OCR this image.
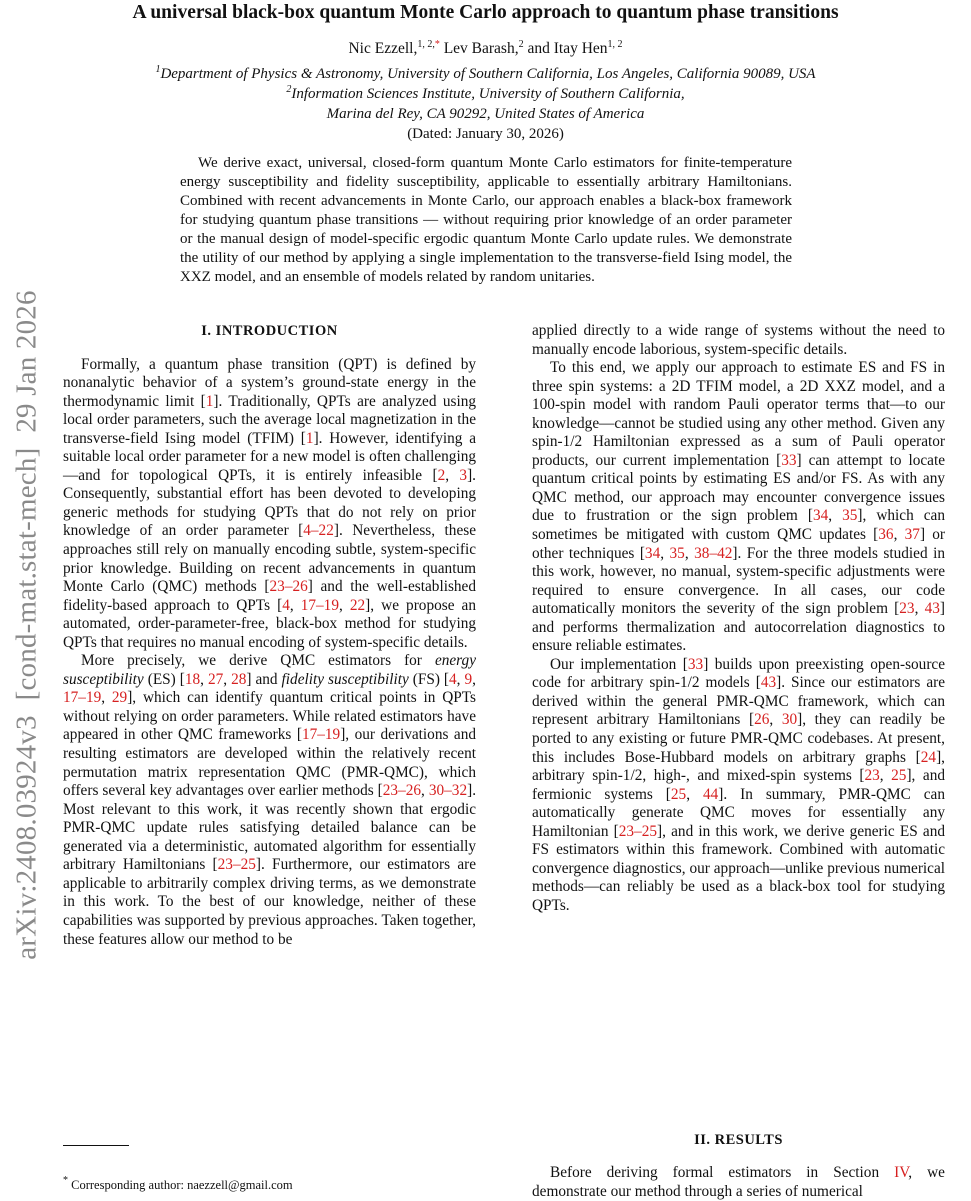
arXiv:2408.03924v3  [cond-mat.stat-mech]  29 Jan 2026
A universal black-box quantum Monte Carlo approach to quantum phase transitions
Nic Ezzell,$^{1, 2,*}$ Lev Barash,$^2$ and Itay Hen$^{1, 2}$
$^1$Department of Physics & Astronomy, University of Southern California, Los Angeles, California 90089, USA
$^2$Information Sciences Institute, University of Southern California,
Marina del Rey, CA 90292, United States of America
(Dated: January 30, 2026)
We derive exact, universal, closed-form quantum Monte Carlo estimators for finite-temperature energy susceptibility and fidelity susceptibility, applicable to essentially arbitrary Hamiltonians. Combined with recent advancements in Monte Carlo, our approach enables a black-box framework for studying quantum phase transitions — without requiring prior knowledge of an order parameter or the manual design of model-specific ergodic quantum Monte Carlo update rules. We demonstrate the utility of our method by applying a single implementation to the transverse-field Ising model, the XXZ model, and an ensemble of models related by random unitaries.
I. INTRODUCTION

Formally, a quantum phase transition (QPT) is defined by nonanalytic behavior of a system’s ground-state energy in the thermodynamic limit [1]. Traditionally, QPTs are analyzed using local order parameters, such the average local magnetization in the transverse-field Ising model (TFIM) [1]. However, identifying a suitable local order parameter for a new model is often challenging—and for topological QPTs, it is entirely infeasible [2, 3]. Consequently, substantial effort has been devoted to developing generic methods for studying QPTs that do not rely on prior knowledge of an order parameter [4–22]. Nevertheless, these approaches still rely on manually encoding subtle, system-specific prior knowledge. Building on recent advancements in quantum Monte Carlo (QMC) methods [23–26] and the well-established fidelity-based approach to QPTs [4, 17–19, 22], we propose an automated, order-parameter-free, black-box method for studying QPTs that requires no manual encoding of system-specific details.

More precisely, we derive QMC estimators for energy susceptibility (ES) [18, 27, 28] and fidelity susceptibility (FS) [4, 9, 17–19, 29], which can identify quantum critical points in QPTs without relying on order parameters. While related estimators have appeared in other QMC frameworks [17–19], our derivations and resulting estimators are developed within the relatively recent permutation matrix representation QMC (PMR-QMC), which offers several key advantages over earlier methods [23–26, 30–32]. Most relevant to this work, it was recently shown that ergodic PMR-QMC update rules satisfying detailed balance can be generated via a deterministic, automated algorithm for essentially arbitrary Hamiltonians [23–25]. Furthermore, our estimators are applicable to arbitrarily complex driving terms, as we demonstrate in this work. To the best of our knowledge, neither of these capabilities was supported by previous approaches. Taken together, these features allow our method to be

applied directly to a wide range of systems without the need to manually encode laborious, system-specific details.

To this end, we apply our approach to estimate ES and FS in three spin systems: a 2D TFIM model, a 2D XXZ model, and a 100-spin model with random Pauli operator terms that—to our knowledge—cannot be studied using any other method. Given any spin-1/2 Hamiltonian expressed as a sum of Pauli operator products, our current implementation [33] can attempt to locate quantum critical points by estimating ES and/or FS. As with any QMC method, our approach may encounter convergence issues due to frustration or the sign problem [34, 35], which can sometimes be mitigated with custom QMC updates [36, 37] or other techniques [34, 35, 38–42]. For the three models studied in this work, however, no manual, system-specific adjustments were required to ensure convergence. In all cases, our code automatically monitors the severity of the sign problem [23, 43] and performs thermalization and autocorrelation diagnostics to ensure reliable estimates.

Our implementation [33] builds upon preexisting open-source code for arbitrary spin-1/2 models [43]. Since our estimators are derived within the general PMR-QMC framework, which can represent arbitrary Hamiltonians [26, 30], they can readily be ported to any existing or future PMR-QMC codebases. At present, this includes Bose-Hubbard models on arbitrary graphs [24], arbitrary spin-1/2, high-, and mixed-spin systems [23, 25], and fermionic systems [25, 44]. In summary, PMR-QMC can automatically generate QMC moves for essentially any Hamiltonian [23–25], and in this work, we derive generic ES and FS estimators within this framework. Combined with automatic convergence diagnostics, our approach—unlike previous numerical methods—can reliably be used as a black-box tool for studying QPTs.

II. RESULTS

Before deriving formal estimators in Section IV, we demonstrate our method through a series of numerical

* Corresponding author: naezzell@gmail.com
